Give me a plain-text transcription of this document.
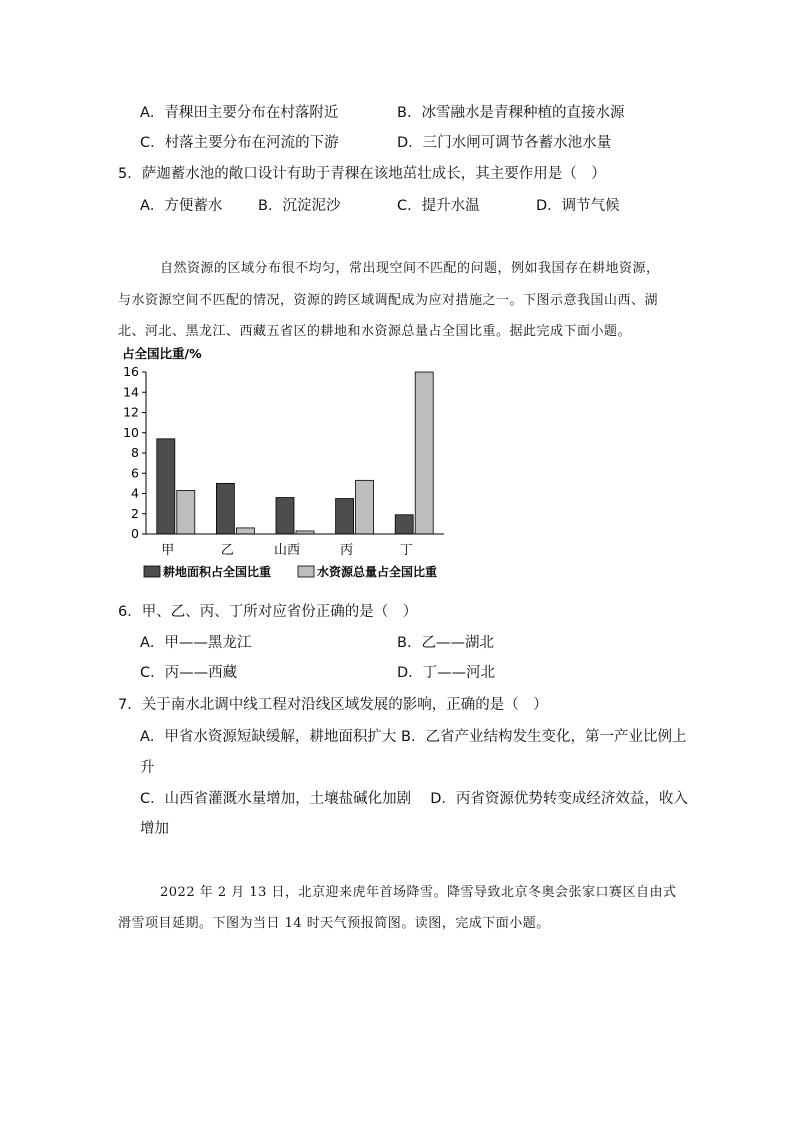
A．青稞田主要分布在村落附近	B．冰雪融水是青稞种植的直接水源
C．村落主要分布在河流的下游	D．三门水闸可调节各蓄水池水量
5．萨迦蓄水池的敞口设计有助于青稞在该地茁壮成长，其主要作用是（　）
A．方便蓄水 B．沉淀泥沙	C．提升水温	D．调节气候
自然资源的区域分布很不均匀，常出现空间不匹配的问题，例如我国存在耕地资源，
与水资源空间不匹配的情况，资源的跨区域调配成为应对措施之一。下图示意我国山西、湖
北、河北、黑龙江、西藏五省区的耕地和水资源总量占全国比重。据此完成下面小题。
占全国比重/%
0
2
4
6
8
10
12
14
16
甲	乙	山西	丙	丁
耕地面积占全国比重	水资源总量占全国比重
6．甲、乙、丙、丁所对应省份正确的是（　）
A．甲——黑龙江	B．乙——湖北
C．丙——西藏	D．丁——河北
7．关于南水北调中线工程对沿线区域发展的影响，正确的是（　）
A．甲省水资源短缺缓解，耕地面积扩大 B．乙省产业结构发生变化，第一产业比例上
升
C．山西省灌溉水量增加，土壤盐碱化加剧　 D．丙省资源优势转变成经济效益，收入
增加
2022 年 2 月 13 日，北京迎来虎年首场降雪。降雪导致北京冬奥会张家口赛区自由式
滑雪项目延期。下图为当日 14 时天气预报简图。读图，完成下面小题。
